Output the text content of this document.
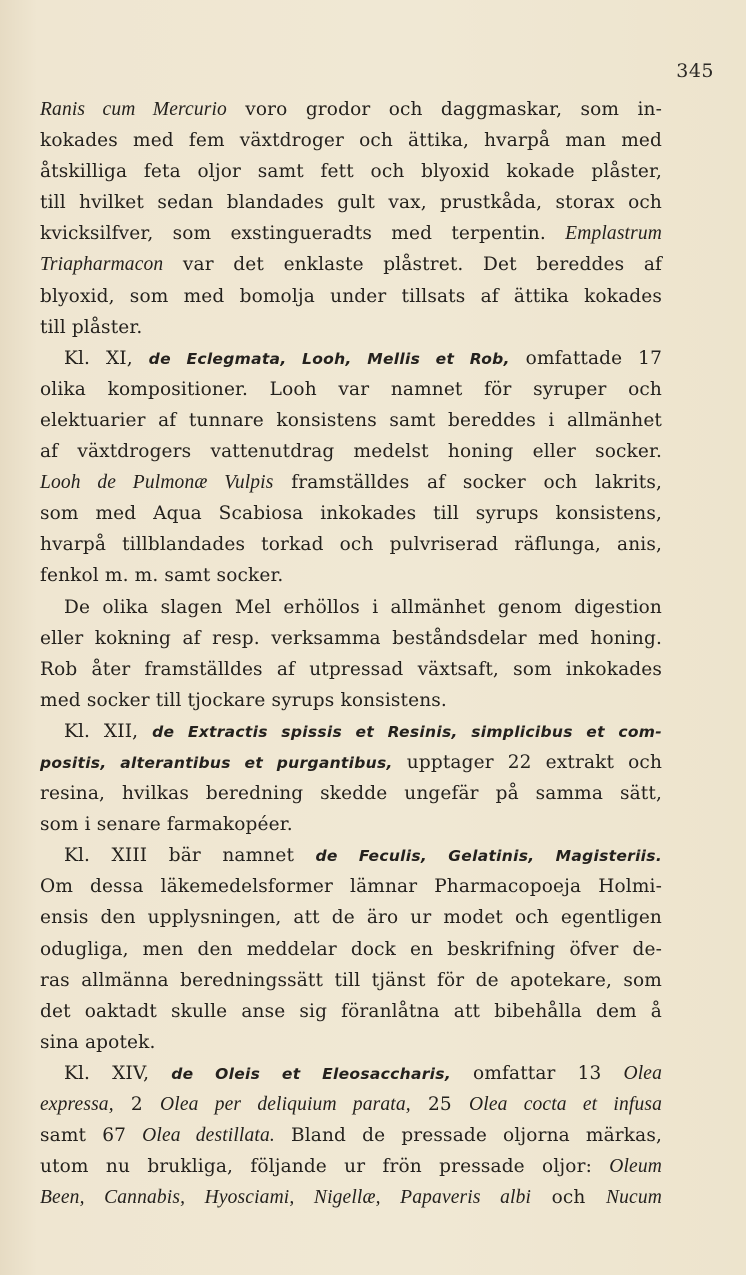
345
Ranis cum Mercurio voro grodor och daggmaskar, som in-
kokades med fem växtdroger och ättika, hvarpå man med
åtskilliga feta oljor samt fett och blyoxid kokade plåster,
till hvilket sedan blandades gult vax, prustkåda, storax och
kvicksilfver, som exstingueradts med terpentin. Emplastrum
Triapharmacon var det enklaste plåstret. Det bereddes af
blyoxid, som med bomolja under tillsats af ättika kokades
till plåster.
Kl. XI, de Eclegmata, Looh, Mellis et Rob, omfattade 17
olika kompositioner. Looh var namnet för syruper och
elektuarier af tunnare konsistens samt bereddes i allmänhet
af växtdrogers vattenutdrag medelst honing eller socker.
Looh de Pulmonæ Vulpis framställdes af socker och lakrits,
som med Aqua Scabiosa inkokades till syrups konsistens,
hvarpå tillblandades torkad och pulvriserad räflunga, anis,
fenkol m. m. samt socker.
De olika slagen Mel erhöllos i allmänhet genom digestion
eller kokning af resp. verksamma beståndsdelar med honing.
Rob åter framställdes af utpressad växtsaft, som inkokades
med socker till tjockare syrups konsistens.
Kl. XII, de Extractis spissis et Resinis, simplicibus et com-
positis, alterantibus et purgantibus, upptager 22 extrakt och
resina, hvilkas beredning skedde ungefär på samma sätt,
som i senare farmakopéer.
Kl. XIII bär namnet de Feculis, Gelatinis, Magisteriis.
Om dessa läkemedelsformer lämnar Pharmacopoeja Holmi-
ensis den upplysningen, att de äro ur modet och egentligen
odugliga, men den meddelar dock en beskrifning öfver de-
ras allmänna beredningssätt till tjänst för de apotekare, som
det oaktadt skulle anse sig föranlåtna att bibehålla dem å
sina apotek.
Kl. XIV, de Oleis et Eleosaccharis, omfattar 13 Olea
expressa, 2 Olea per deliquium parata, 25 Olea cocta et infusa
samt 67 Olea destillata. Bland de pressade oljorna märkas,
utom nu brukliga, följande ur frön pressade oljor: Oleum
Been, Cannabis, Hyosciami, Nigellæ, Papaveris albi och Nucum
